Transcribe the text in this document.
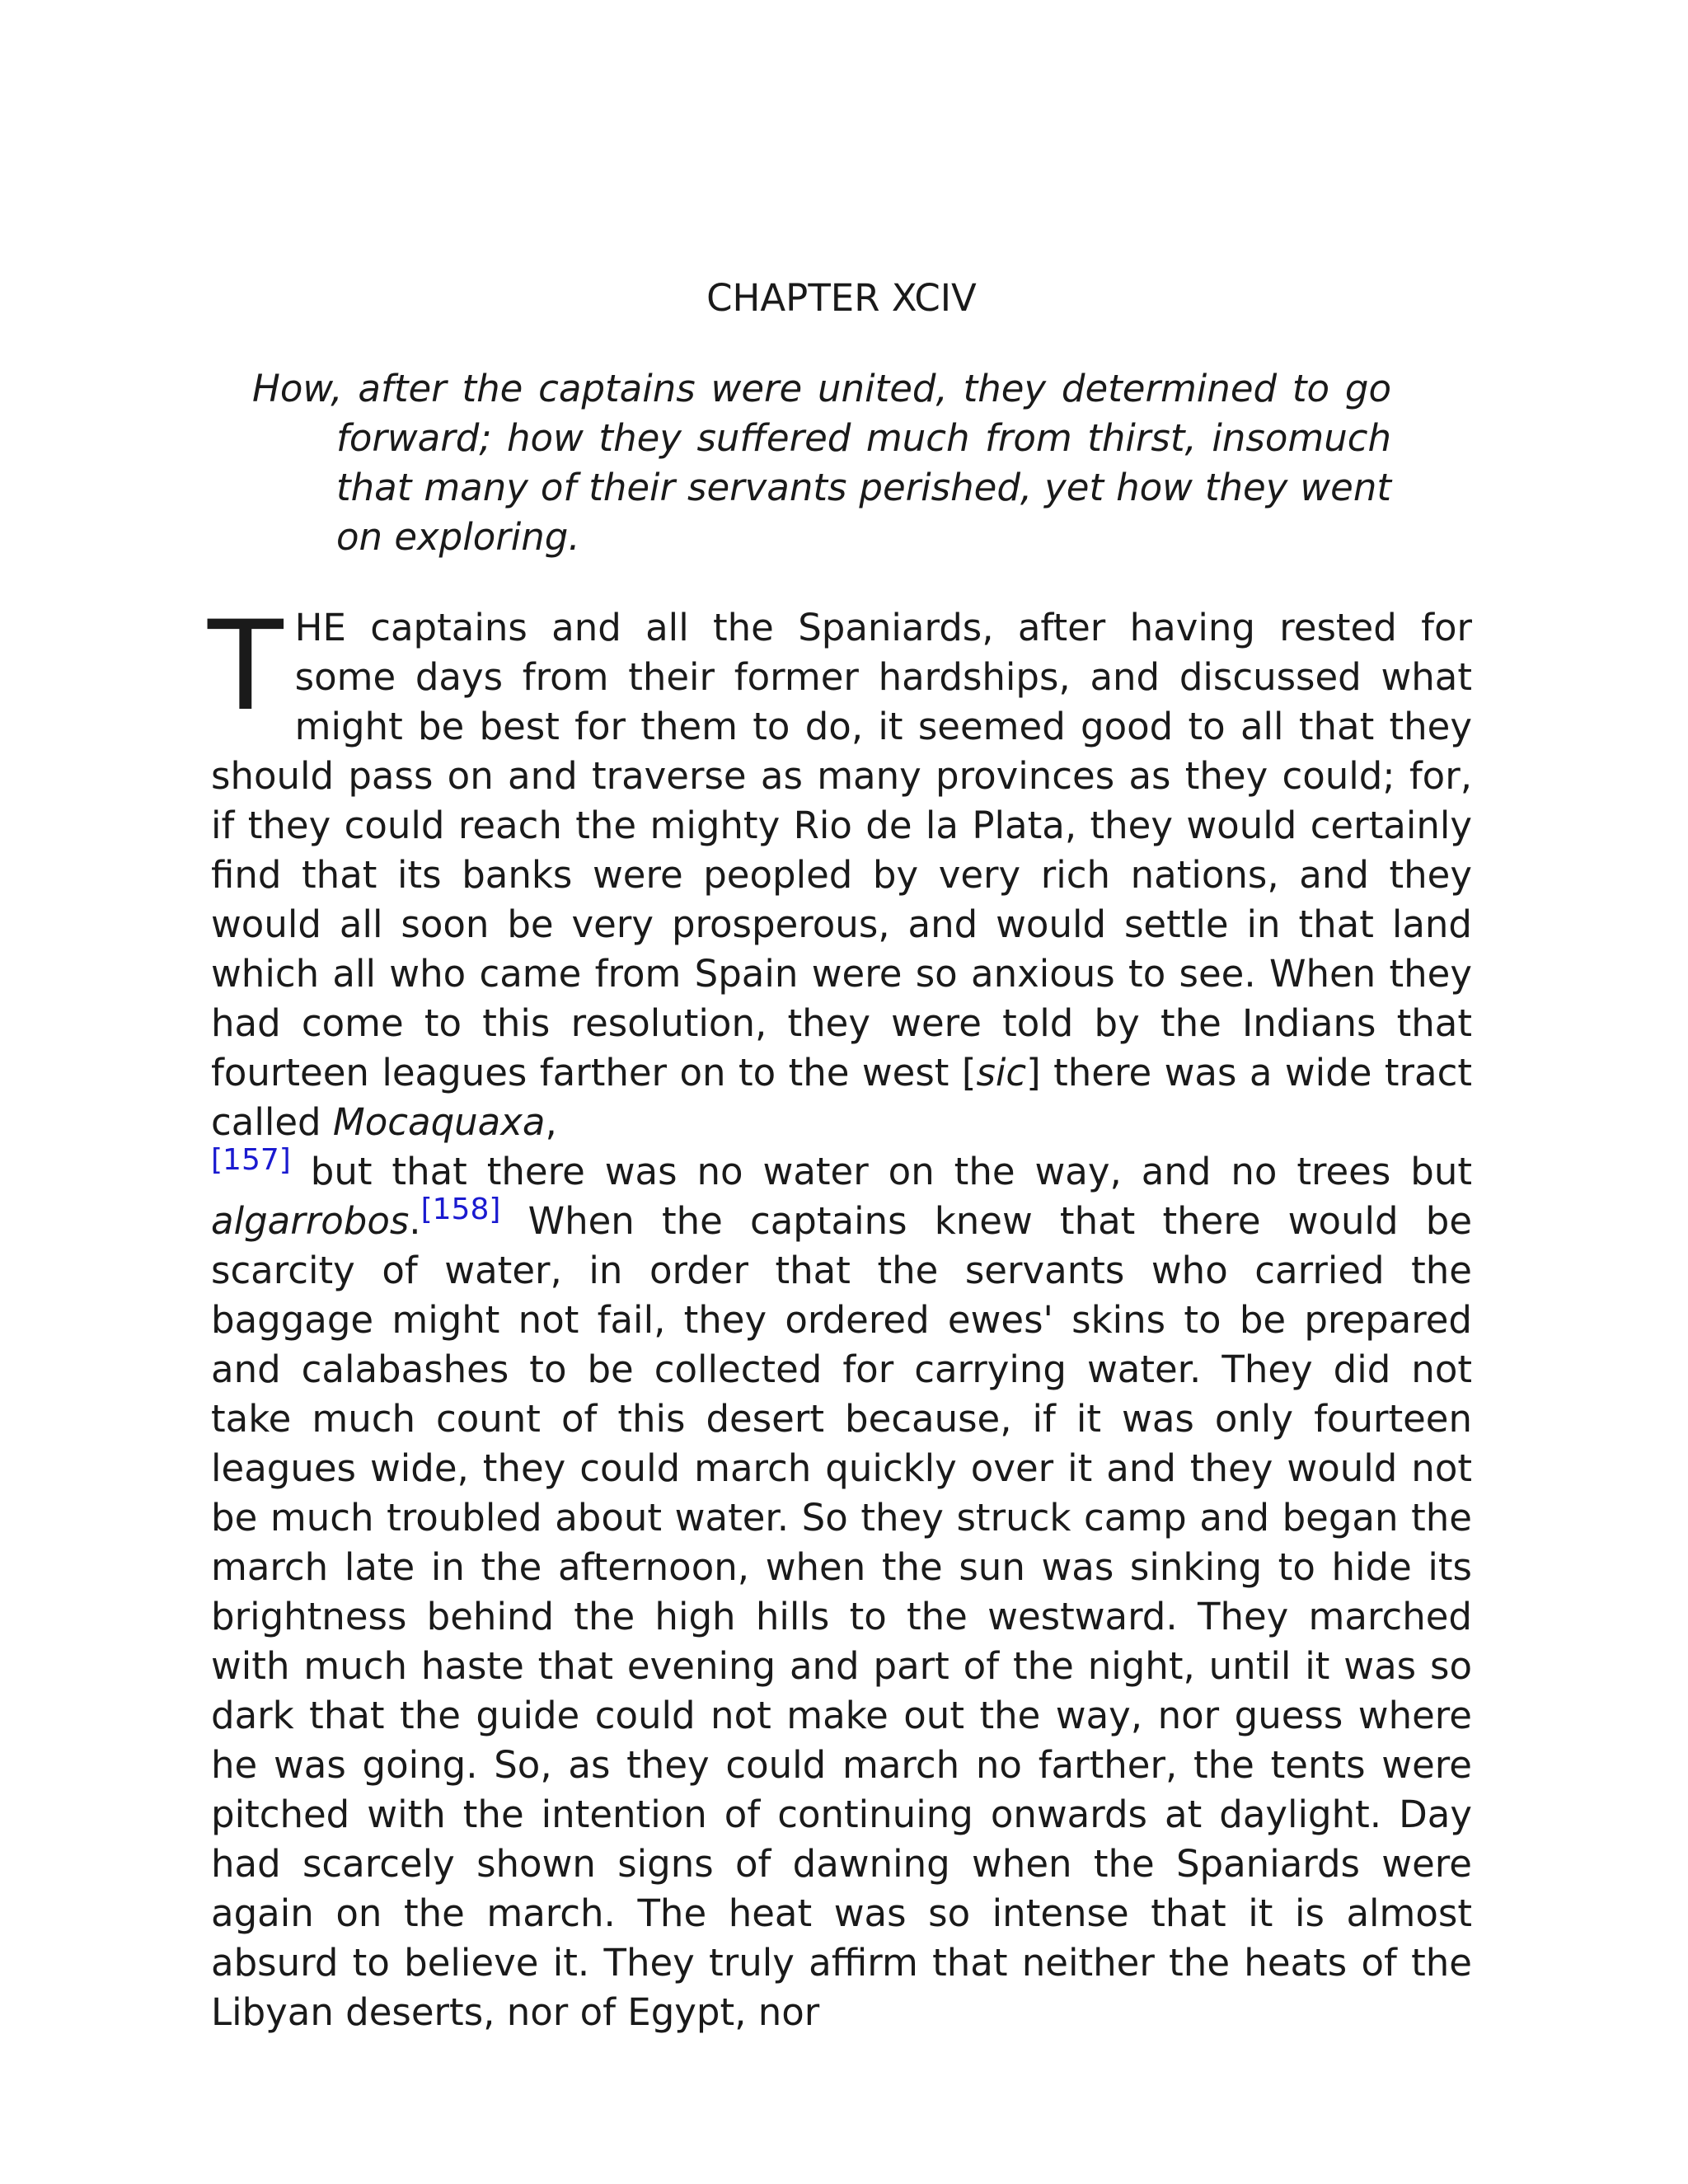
CHAPTER XCIV

How, after the captains were united, they determined to go forward; how they suffered much from thirst, insomuch that many of their servants perished, yet how they went on exploring.

THE captains and all the Spaniards, after having rested for some days from their former hardships, and discussed what might be best for them to do, it seemed good to all that they should pass on and traverse as many provinces as they could; for, if they could reach the mighty Rio de la Plata, they would certainly find that its banks were peopled by very rich nations, and they would all soon be very prosperous, and would settle in that land which all who came from Spain were so anxious to see. When they had come to this resolution, they were told by the Indians that fourteen leagues farther on to the west [sic] there was a wide tract called Mocaquaxa,
[157] but that there was no water on the way, and no trees but algarrobos.[158] When the captains knew that there would be scarcity of water, in order that the servants who carried the baggage might not fail, they ordered ewes' skins to be prepared and calabashes to be collected for carrying water. They did not take much count of this desert because, if it was only fourteen leagues wide, they could march quickly over it and they would not be much troubled about water. So they struck camp and began the march late in the afternoon, when the sun was sinking to hide its brightness behind the high hills to the westward. They marched with much haste that evening and part of the night, until it was so dark that the guide could not make out the way, nor guess where he was going. So, as they could march no farther, the tents were pitched with the intention of continuing onwards at daylight. Day had scarcely shown signs of dawning when the Spaniards were again on the march. The heat was so intense that it is almost absurd to believe it. They truly affirm that neither the heats of the Libyan deserts, nor of Egypt, nor
